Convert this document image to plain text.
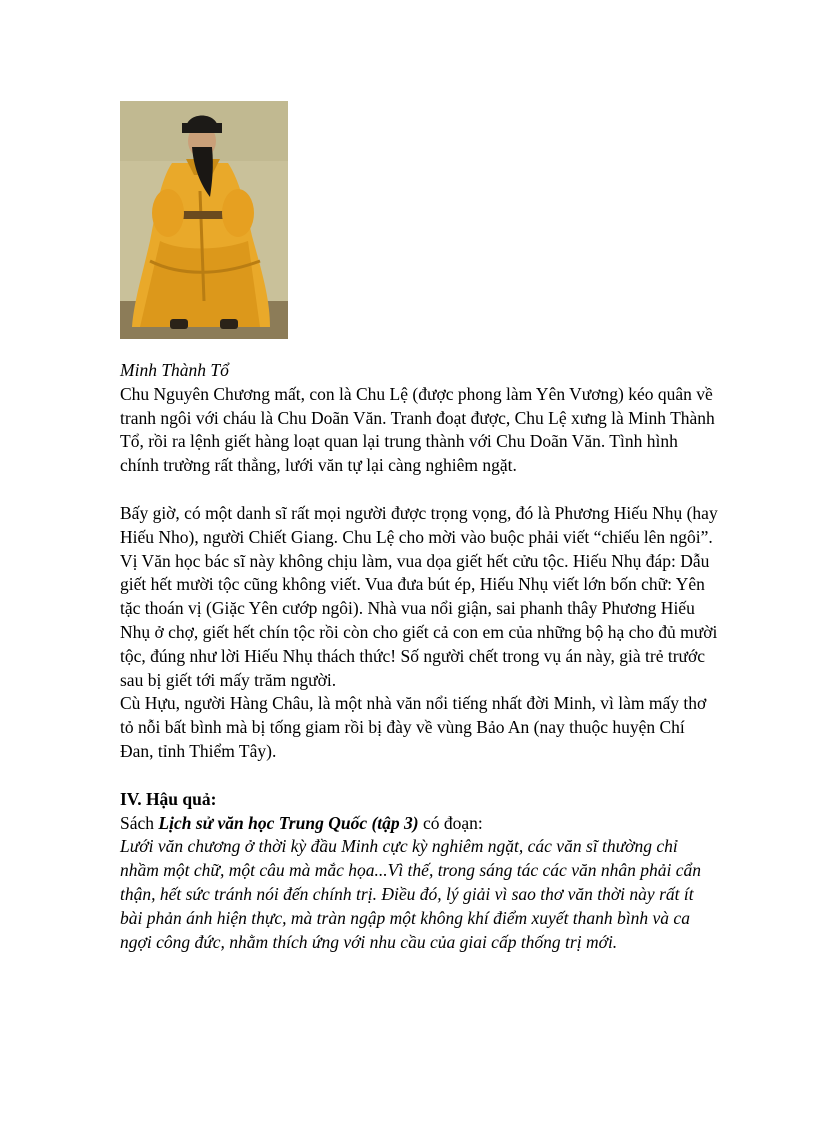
Minh Thành Tổ

Chu Nguyên Chương mất, con là Chu Lệ (được phong làm Yên Vương) kéo quân về tranh ngôi với cháu là Chu Doãn Văn. Tranh đoạt được, Chu Lệ xưng là Minh Thành Tổ, rồi ra lệnh giết hàng loạt quan lại trung thành với Chu Doãn Văn. Tình hình chính trường rất thẳng, lưới văn tự lại càng nghiêm ngặt.

Bấy giờ, có một danh sĩ rất mọi người được trọng vọng, đó là Phương Hiếu Nhụ (hay Hiếu Nho), người Chiết Giang. Chu Lệ cho mời vào buộc phải viết “chiếu lên ngôi”. Vị Văn học bác sĩ này không chịu làm, vua dọa giết hết cửu tộc. Hiếu Nhụ đáp: Dẫu giết hết mười tộc cũng không viết. Vua đưa bút ép, Hiếu Nhụ viết lớn bốn chữ: Yên tặc thoán vị (Giặc Yên cướp ngôi). Nhà vua nổi giận, sai phanh thây Phương Hiếu Nhụ ở chợ, giết hết chín tộc rồi còn cho giết cả con em của những bộ hạ cho đủ mười tộc, đúng như lời Hiếu Nhụ thách thức! Số người chết trong vụ án này, già trẻ trước sau bị giết tới mấy trăm người.

Cù Hựu, người Hàng Châu, là một nhà văn nổi tiếng nhất đời Minh, vì làm mấy thơ tỏ nỗi bất bình mà bị tống giam rồi bị đày về vùng Bảo An (nay thuộc huyện Chí Đan, tỉnh Thiểm Tây).

IV. Hậu quả:

Sách Lịch sử văn học Trung Quốc (tập 3) có đoạn:

Lưới văn chương ở thời kỳ đầu Minh cực kỳ nghiêm ngặt, các văn sĩ thường chỉ nhầm một chữ, một câu mà mắc họa...Vì thế, trong sáng tác các văn nhân phải cẩn thận, hết sức tránh nói đến chính trị. Điều đó, lý giải vì sao thơ văn thời này rất ít bài phản ánh hiện thực, mà tràn ngập một không khí điểm xuyết thanh bình và ca ngợi công đức, nhằm thích ứng với nhu cầu của giai cấp thống trị mới.
